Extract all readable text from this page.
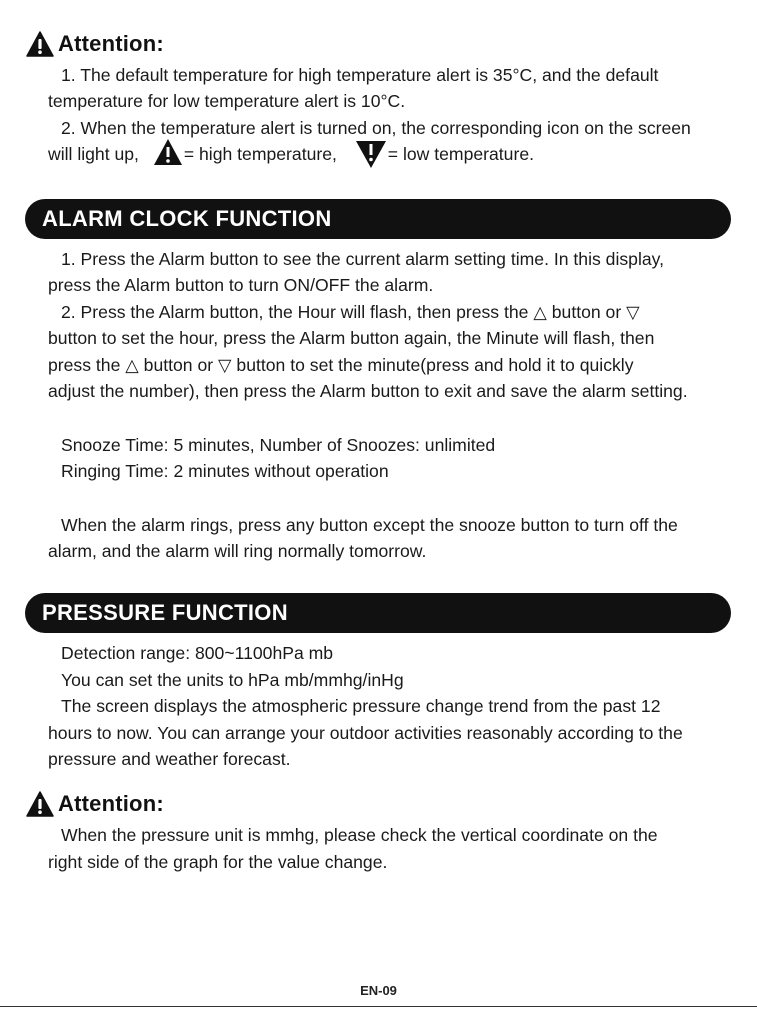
Attention:

1. The default temperature for high temperature alert is 35°C, and the default

temperature for low temperature alert is 10°C.

2. When the temperature alert is turned on, the corresponding icon on the screen

will light up,	= high temperature,	= low temperature.

ALARM CLOCK FUNCTION

1. Press the Alarm button to see the current alarm setting time. In this display,

press the Alarm button to turn ON/OFF the alarm.

2. Press the Alarm button, the Hour will flash, then press the △ button or ▽

button to set the hour, press the Alarm button again, the Minute will flash, then

press the △ button or ▽ button to set the minute(press and hold it to quickly

adjust the number), then press the Alarm button to exit and save the alarm setting.

Snooze Time: 5 minutes, Number of Snoozes: unlimited

Ringing Time: 2 minutes without operation

When the alarm rings, press any button except the snooze button to turn off the

alarm, and the alarm will ring normally tomorrow.

PRESSURE FUNCTION

Detection range: 800~1100hPa mb

You can set the units to hPa mb/mmhg/inHg

The screen displays the atmospheric pressure change trend from the past 12

hours to now. You can arrange your outdoor activities reasonably according to the

pressure and weather forecast.

Attention:

When the pressure unit is mmhg, please check the vertical coordinate on the

right side of the graph for the value change.

EN-09
